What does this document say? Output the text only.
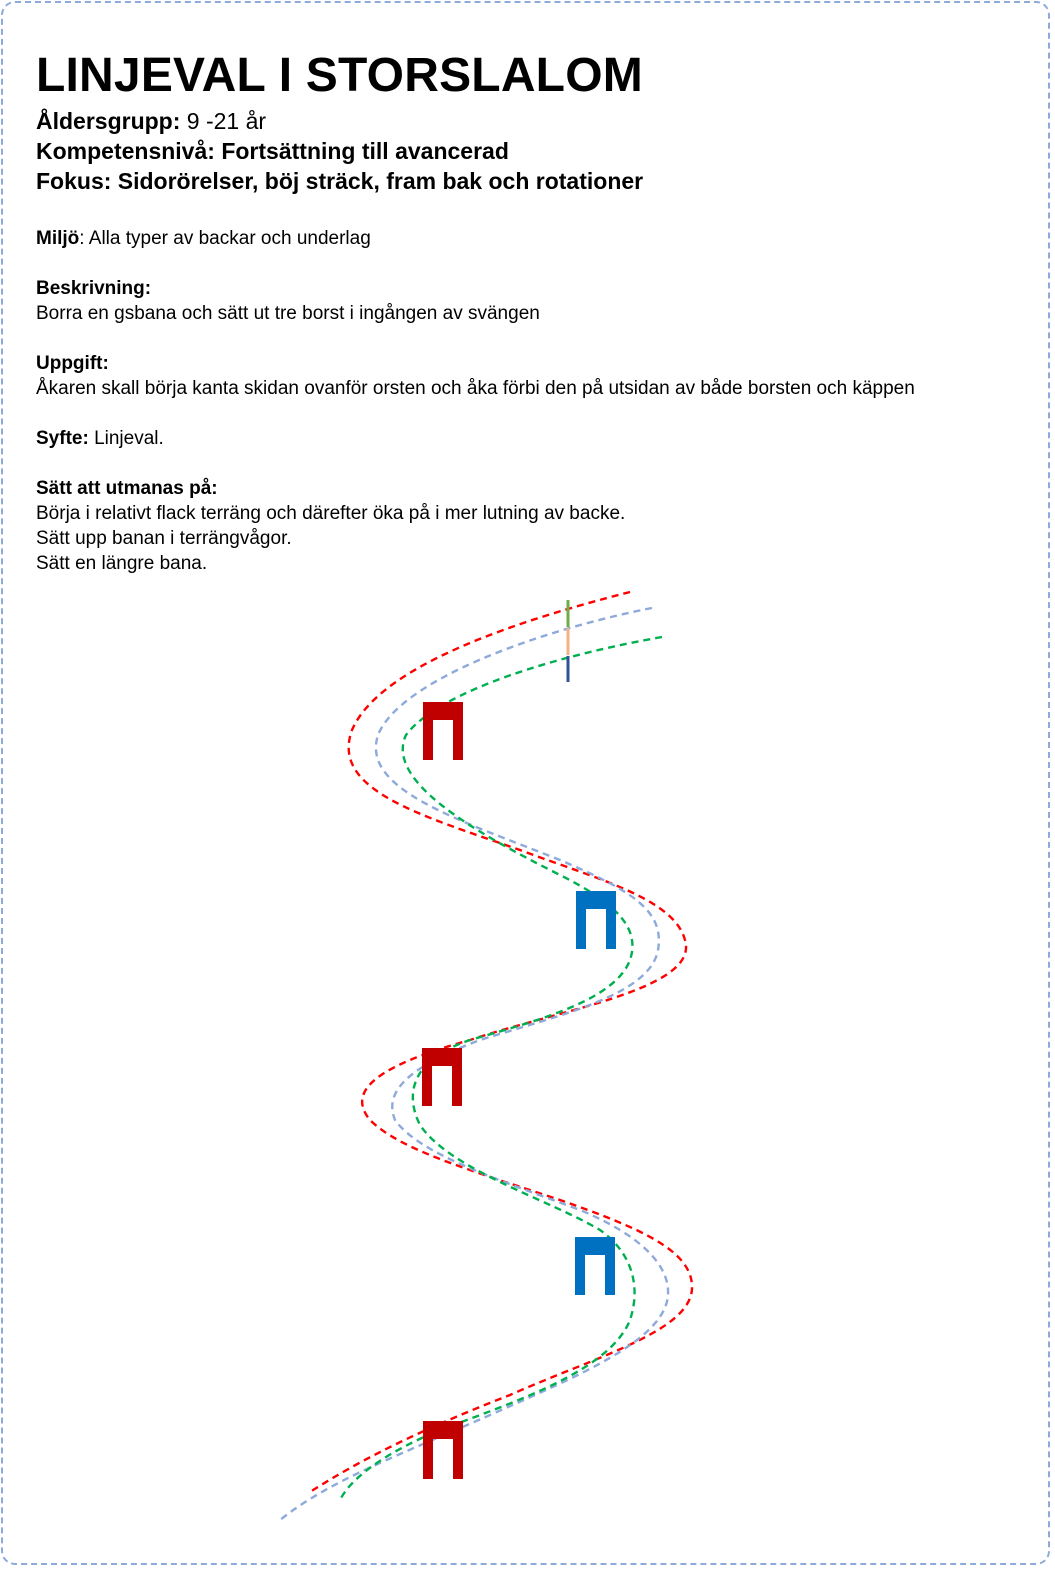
LINJEVAL I STORSLALOM
Åldersgrupp: 9 -21 år
Kompetensnivå: Fortsättning till avancerad
Fokus: Sidorörelser, böj sträck, fram bak och rotationer

Miljö: Alla typer av backar och underlag

Beskrivning:
Borra en gsbana och sätt ut tre borst i ingången av svängen

Uppgift:
Åkaren skall börja kanta skidan ovanför orsten och åka förbi den på utsidan av både borsten och käppen

Syfte: Linjeval.

Sätt att utmanas på:
Börja i relativt flack terräng och därefter öka på i mer lutning av backe.
Sätt upp banan i terrängvågor.
Sätt en längre bana.
